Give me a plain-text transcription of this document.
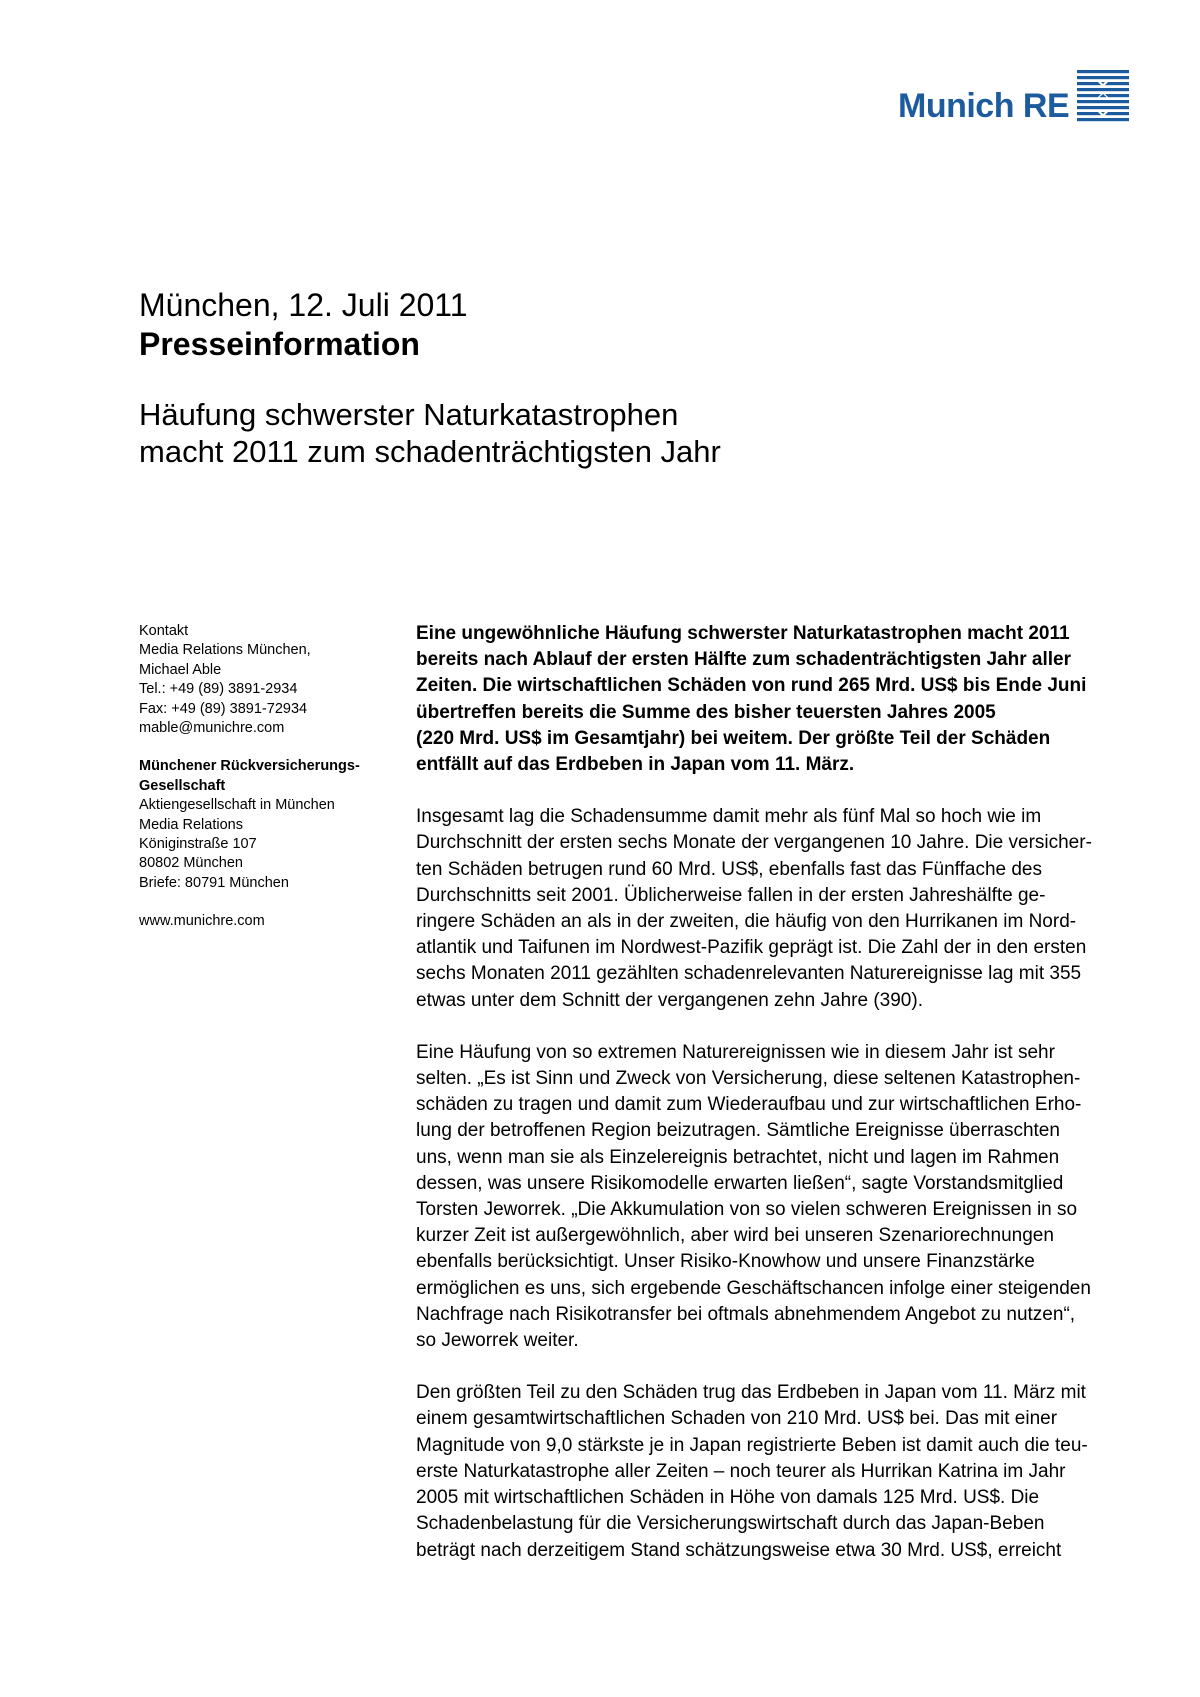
Munich RE
München, 12. Juli 2011
Presseinformation
Häufung schwerster Naturkatastrophen
macht 2011 zum schadenträchtigsten Jahr
Kontakt
Media Relations München,
Michael Able
Tel.: +49 (89) 3891-2934
Fax: +49 (89) 3891-72934
mable@munichre.com
Münchener Rückversicherungs-
Gesellschaft
Aktiengesellschaft in München
Media Relations
Königinstraße 107
80802 München
Briefe: 80791 München
www.munichre.com

Eine ungewöhnliche Häufung schwerster Naturkatastrophen macht 2011
bereits nach Ablauf der ersten Hälfte zum schadenträchtigsten Jahr aller
Zeiten. Die wirtschaftlichen Schäden von rund 265 Mrd. US$ bis Ende Juni
übertreffen bereits die Summe des bisher teuersten Jahres 2005
(220 Mrd. US$ im Gesamtjahr) bei weitem. Der größte Teil der Schäden
entfällt auf das Erdbeben in Japan vom 11. März.

Insgesamt lag die Schadensumme damit mehr als fünf Mal so hoch wie im
Durchschnitt der ersten sechs Monate der vergangenen 10 Jahre. Die versicher-
ten Schäden betrugen rund 60 Mrd. US$, ebenfalls fast das Fünffache des
Durchschnitts seit 2001. Üblicherweise fallen in der ersten Jahreshälfte ge-
ringere Schäden an als in der zweiten, die häufig von den Hurrikanen im Nord-
atlantik und Taifunen im Nordwest-Pazifik geprägt ist. Die Zahl der in den ersten
sechs Monaten 2011 gezählten schadenrelevanten Naturereignisse lag mit 355
etwas unter dem Schnitt der vergangenen zehn Jahre (390).

Eine Häufung von so extremen Naturereignissen wie in diesem Jahr ist sehr
selten. „Es ist Sinn und Zweck von Versicherung, diese seltenen Katastrophen-
schäden zu tragen und damit zum Wiederaufbau und zur wirtschaftlichen Erho-
lung der betroffenen Region beizutragen. Sämtliche Ereignisse überraschten
uns, wenn man sie als Einzelereignis betrachtet, nicht und lagen im Rahmen
dessen, was unsere Risikomodelle erwarten ließen“, sagte Vorstandsmitglied
Torsten Jeworrek. „Die Akkumulation von so vielen schweren Ereignissen in so
kurzer Zeit ist außergewöhnlich, aber wird bei unseren Szenariorechnungen
ebenfalls berücksichtigt. Unser Risiko-Knowhow und unsere Finanzstärke
ermöglichen es uns, sich ergebende Geschäftschancen infolge einer steigenden
Nachfrage nach Risikotransfer bei oftmals abnehmendem Angebot zu nutzen“,
so Jeworrek weiter.

Den größten Teil zu den Schäden trug das Erdbeben in Japan vom 11. März mit
einem gesamtwirtschaftlichen Schaden von 210 Mrd. US$ bei. Das mit einer
Magnitude von 9,0 stärkste je in Japan registrierte Beben ist damit auch die teu-
erste Naturkatastrophe aller Zeiten – noch teurer als Hurrikan Katrina im Jahr
2005 mit wirtschaftlichen Schäden in Höhe von damals 125 Mrd. US$. Die
Schadenbelastung für die Versicherungswirtschaft durch das Japan-Beben
beträgt nach derzeitigem Stand schätzungsweise etwa 30 Mrd. US$, erreicht
